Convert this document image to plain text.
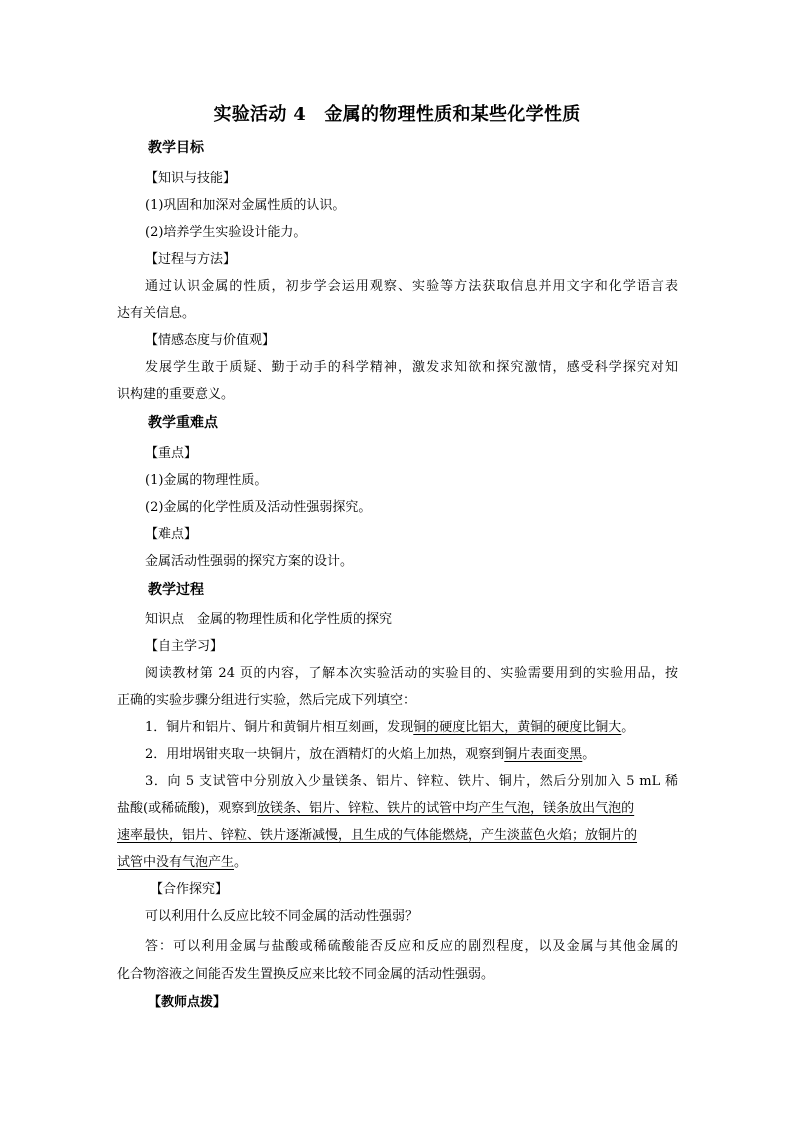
实验活动 4　金属的物理性质和某些化学性质
教学目标
【知识与技能】
(1)巩固和加深对金属性质的认识。
(2)培养学生实验设计能力。
【过程与方法】
通过认识金属的性质，初步学会运用观察、实验等方法获取信息并用文字和化学语言表
达有关信息。
【情感态度与价值观】
发展学生敢于质疑、勤于动手的科学精神，激发求知欲和探究激情，感受科学探究对知
识构建的重要意义。
教学重难点
【重点】
(1)金属的物理性质。
(2)金属的化学性质及活动性强弱探究。
【难点】
金属活动性强弱的探究方案的设计。
教学过程
知识点　金属的物理性质和化学性质的探究
【自主学习】
阅读教材第 24 页的内容，了解本次实验活动的实验目的、实验需要用到的实验用品，按
正确的实验步骤分组进行实验，然后完成下列填空：
1．铜片和铝片、铜片和黄铜片相互刻画，发现铜的硬度比铝大，黄铜的硬度比铜大。
2．用坩埚钳夹取一块铜片，放在酒精灯的火焰上加热，观察到铜片表面变黑。
3．向 5 支试管中分别放入少量镁条、铝片、锌粒、铁片、铜片，然后分别加入 5 mL 稀
盐酸(或稀硫酸)，观察到放镁条、铝片、锌粒、铁片的试管中均产生气泡，镁条放出气泡的
速率最快，铝片、锌粒、铁片逐渐减慢，且生成的气体能燃烧，产生淡蓝色火焰；放铜片的
试管中没有气泡产生。
【合作探究】
可以利用什么反应比较不同金属的活动性强弱？
答：可以利用金属与盐酸或稀硫酸能否反应和反应的剧烈程度，以及金属与其他金属的
化合物溶液之间能否发生置换反应来比较不同金属的活动性强弱。
【教师点拨】
